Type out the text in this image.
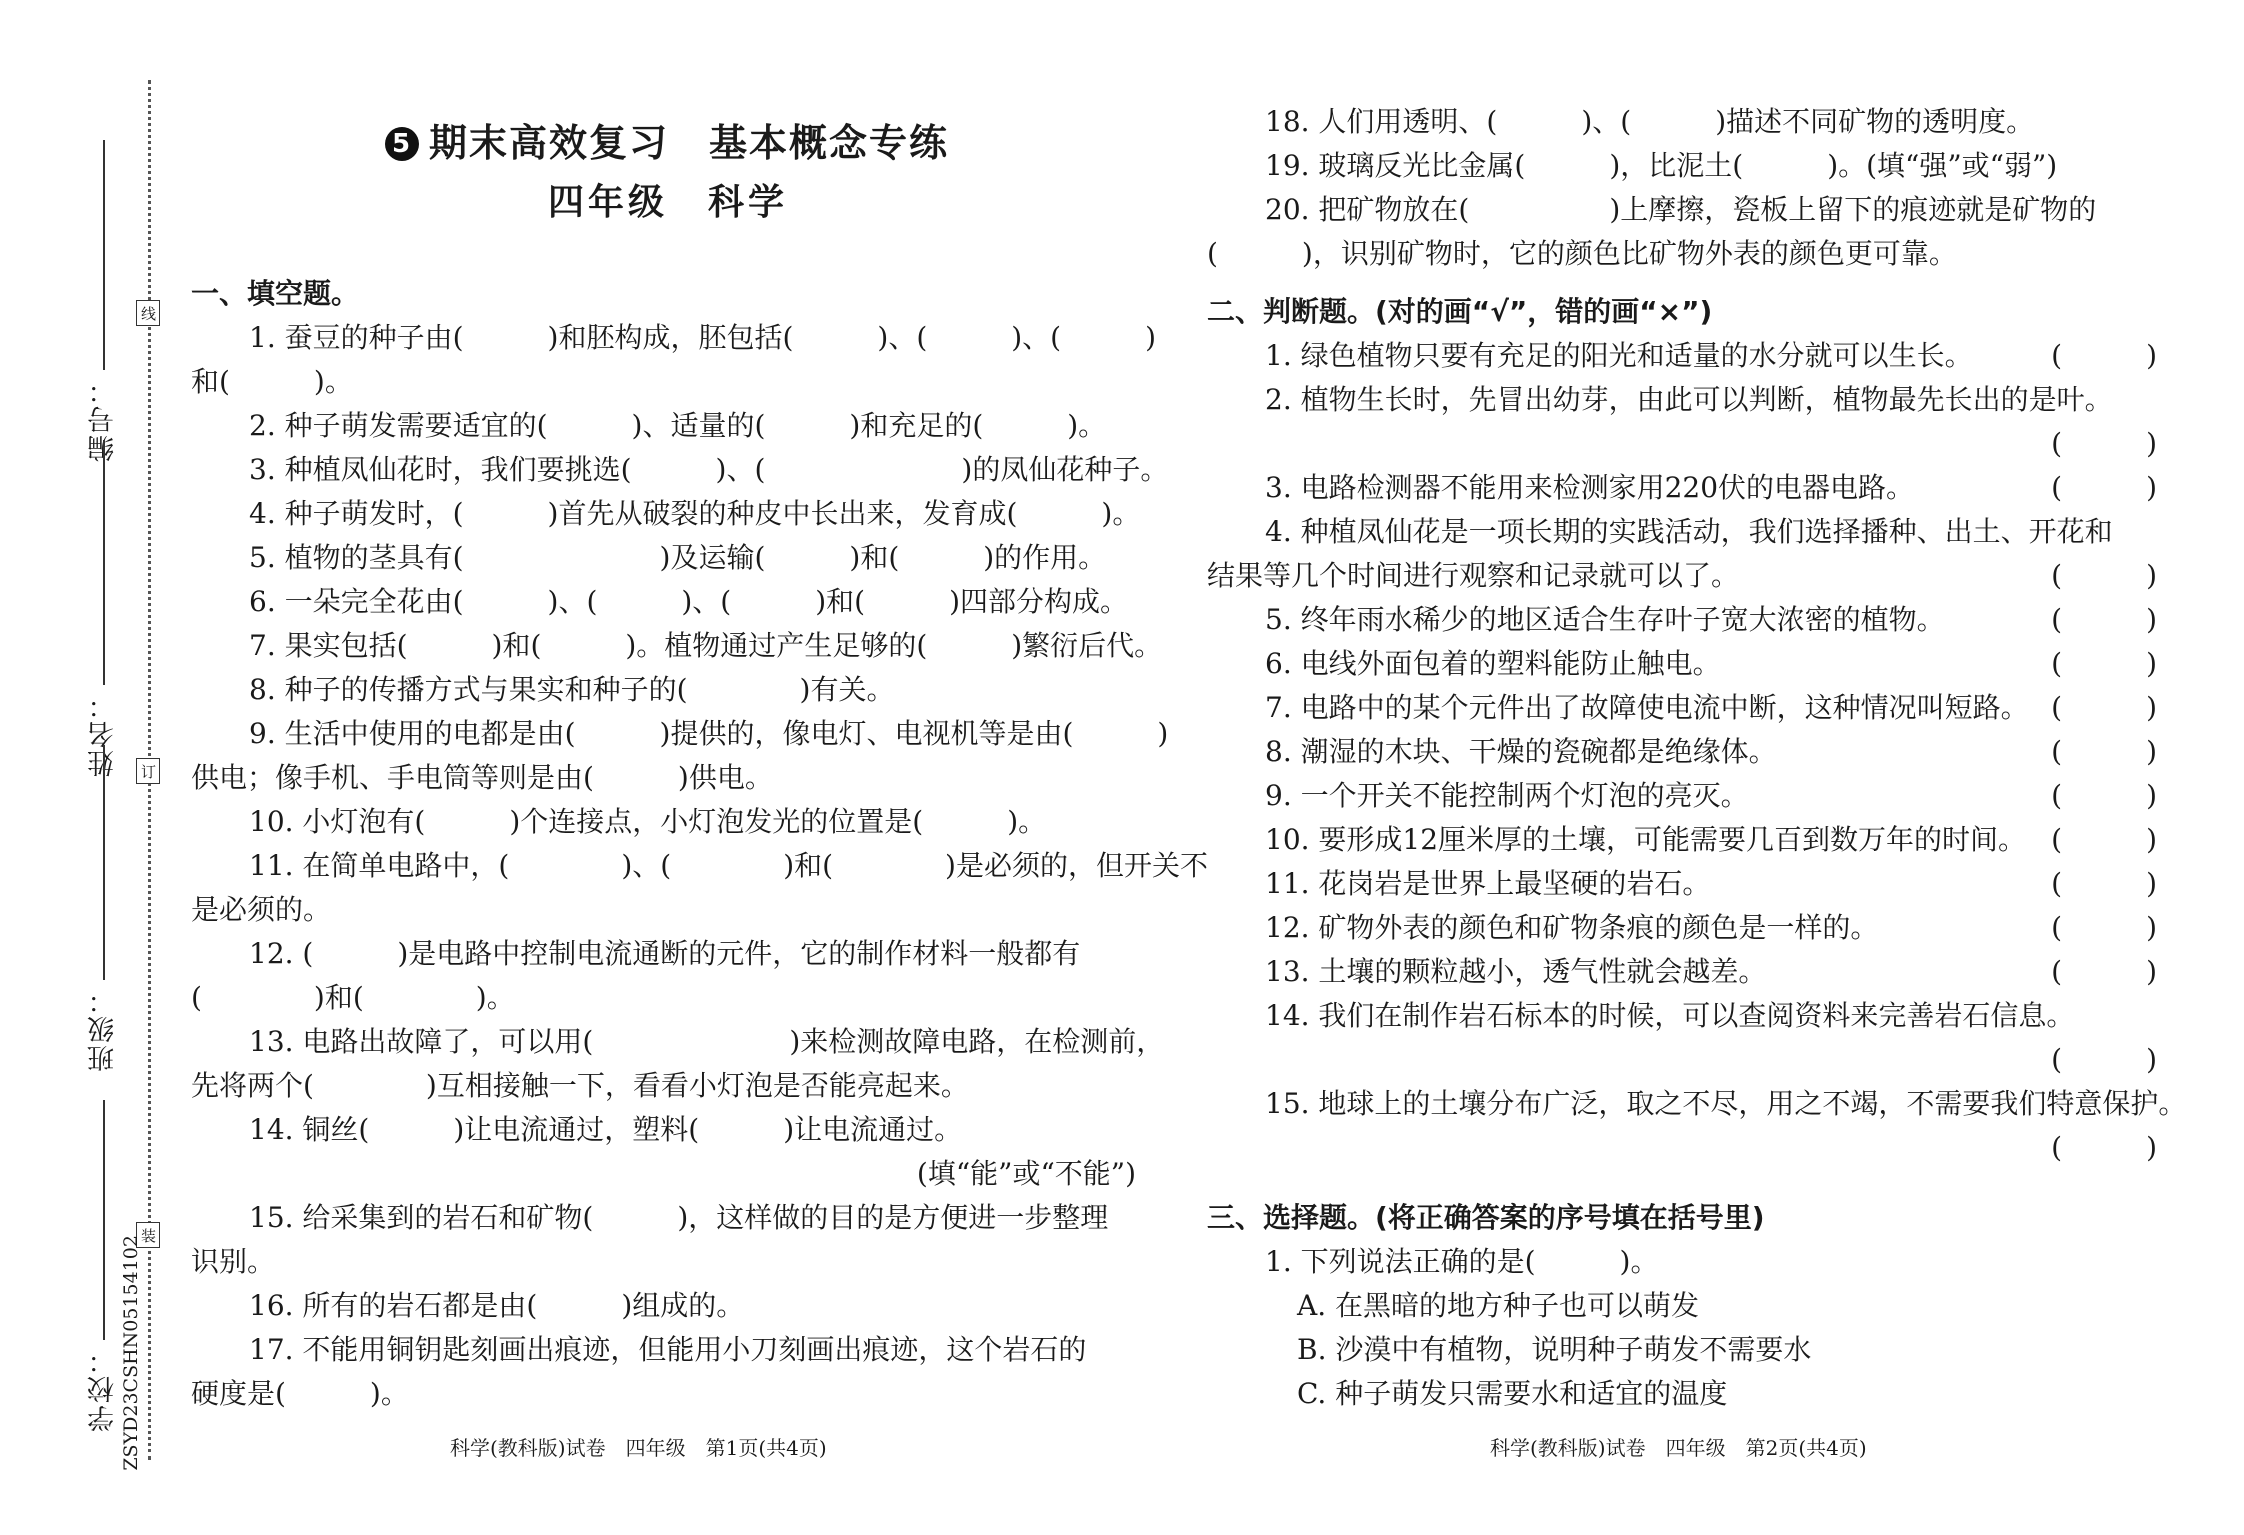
编号：
姓名：
班级：
学校：
线
订
装
ZSYD23CSHN05154102
5 期末高效复习　基本概念专练
四年级　科学
一、填空题。
1. 蚕豆的种子由(　　　)和胚构成，胚包括(　　　)、(　　　)、(　　　)
和(　　　)。
2. 种子萌发需要适宜的(　　　)、适量的(　　　)和充足的(　　　)。
3. 种植凤仙花时，我们要挑选(　　　)、(　　　　　　　)的凤仙花种子。
4. 种子萌发时，(　　　)首先从破裂的种皮中长出来，发育成(　　　)。
5. 植物的茎具有(　　　　　　　)及运输(　　　)和(　　　)的作用。
6. 一朵完全花由(　　　)、(　　　)、(　　　)和(　　　)四部分构成。
7. 果实包括(　　　)和(　　　)。植物通过产生足够的(　　　)繁衍后代。
8. 种子的传播方式与果实和种子的(　　　　)有关。
9. 生活中使用的电都是由(　　　)提供的，像电灯、电视机等是由(　　　)
供电；像手机、手电筒等则是由(　　　)供电。
10. 小灯泡有(　　　)个连接点，小灯泡发光的位置是(　　　)。
11. 在简单电路中，(　　　　)、(　　　　)和(　　　　)是必须的，但开关不
是必须的。
12. (　　　)是电路中控制电流通断的元件，它的制作材料一般都有
(　　　　)和(　　　　)。
13. 电路出故障了，可以用(　　　　　　　)来检测故障电路，在检测前，
先将两个(　　　　)互相接触一下，看看小灯泡是否能亮起来。
14. 铜丝(　　　)让电流通过，塑料(　　　)让电流通过。
(填“能”或“不能”)
15. 给采集到的岩石和矿物(　　　)，这样做的目的是方便进一步整理
识别。
16. 所有的岩石都是由(　　　)组成的。
17. 不能用铜钥匙刻画出痕迹，但能用小刀刻画出痕迹，这个岩石的
硬度是(　　　)。
18. 人们用透明、(　　　)、(　　　)描述不同矿物的透明度。
19. 玻璃反光比金属(　　　)，比泥土(　　　)。(填“强”或“弱”)
20. 把矿物放在(　　　　　)上摩擦，瓷板上留下的痕迹就是矿物的
(　　　)，识别矿物时，它的颜色比矿物外表的颜色更可靠。
二、判断题。(对的画“√”，错的画“×”)
1. 绿色植物只要有充足的阳光和适量的水分就可以生长。	(　　　)
2. 植物生长时，先冒出幼芽，由此可以判断，植物最先长出的是叶。
(　　　)
3. 电路检测器不能用来检测家用220伏的电器电路。	(　　　)
4. 种植凤仙花是一项长期的实践活动，我们选择播种、出土、开花和
结果等几个时间进行观察和记录就可以了。	(　　　)
5. 终年雨水稀少的地区适合生存叶子宽大浓密的植物。	(　　　)
6. 电线外面包着的塑料能防止触电。	(　　　)
7. 电路中的某个元件出了故障使电流中断，这种情况叫短路。 (　　　)
8. 潮湿的木块、干燥的瓷碗都是绝缘体。	(　　　)
9. 一个开关不能控制两个灯泡的亮灭。	(　　　)
10. 要形成12厘米厚的土壤，可能需要几百到数万年的时间。 (　　　)
11. 花岗岩是世界上最坚硬的岩石。	(　　　)
12. 矿物外表的颜色和矿物条痕的颜色是一样的。	(　　　)
13. 土壤的颗粒越小，透气性就会越差。	(　　　)
14. 我们在制作岩石标本的时候，可以查阅资料来完善岩石信息。
(　　　)
15. 地球上的土壤分布广泛，取之不尽，用之不竭，不需要我们特意保护。
(　　　)
三、选择题。(将正确答案的序号填在括号里)
1. 下列说法正确的是(　　　)。
A. 在黑暗的地方种子也可以萌发
B. 沙漠中有植物，说明种子萌发不需要水
C. 种子萌发只需要水和适宜的温度
科学(教科版)试卷　四年级　第1页(共4页)	科学(教科版)试卷　四年级　第2页(共4页)
